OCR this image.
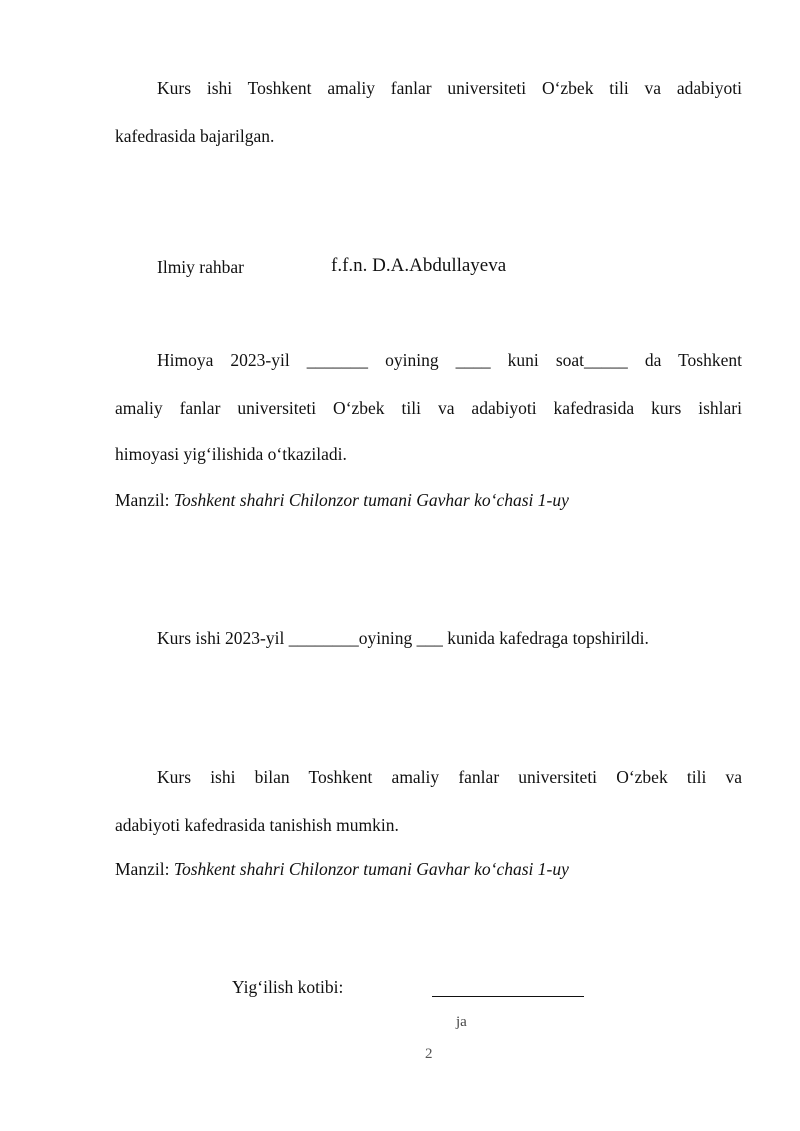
Kurs ishi Toshkent amaliy fanlar universiteti O‘zbek tili va adabiyoti
kafedrasida bajarilgan.
Ilmiy rahbar	f.f.n. D.A.Abdullayeva
Himoya 2023-yil _______ oyining ____ kuni soat_____ da Toshkent
amaliy fanlar universiteti O‘zbek tili va adabiyoti kafedrasida kurs ishlari
himoyasi yig‘ilishida o‘tkaziladi.
Manzil: Toshkent shahri Chilonzor tumani Gavhar ko‘chasi 1-uy
Kurs ishi 2023-yil ________oyining ___ kunida kafedraga topshirildi.
Kurs ishi bilan Toshkent amaliy fanlar universiteti O‘zbek tili va
adabiyoti kafedrasida tanishish mumkin.
Manzil: Toshkent shahri Chilonzor tumani Gavhar ko‘chasi 1-uy
Yig‘ilish kotibi:
ja
2
